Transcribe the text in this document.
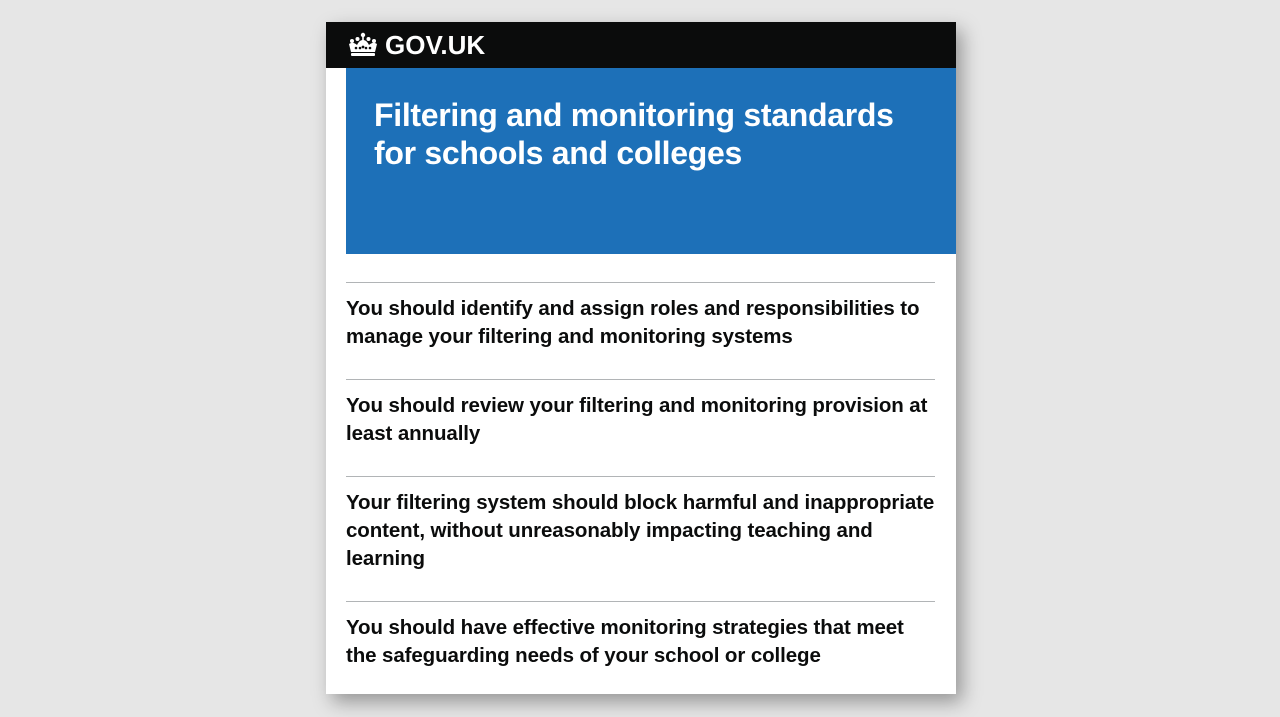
GOV.UK
Filtering and monitoring standards for schools and colleges
You should identify and assign roles and responsibilities to manage your filtering and monitoring systems
You should review your filtering and monitoring provision at least annually
Your filtering system should block harmful and inappropriate content, without unreasonably impacting teaching and learning
You should have effective monitoring strategies that meet the safeguarding needs of your school or college
